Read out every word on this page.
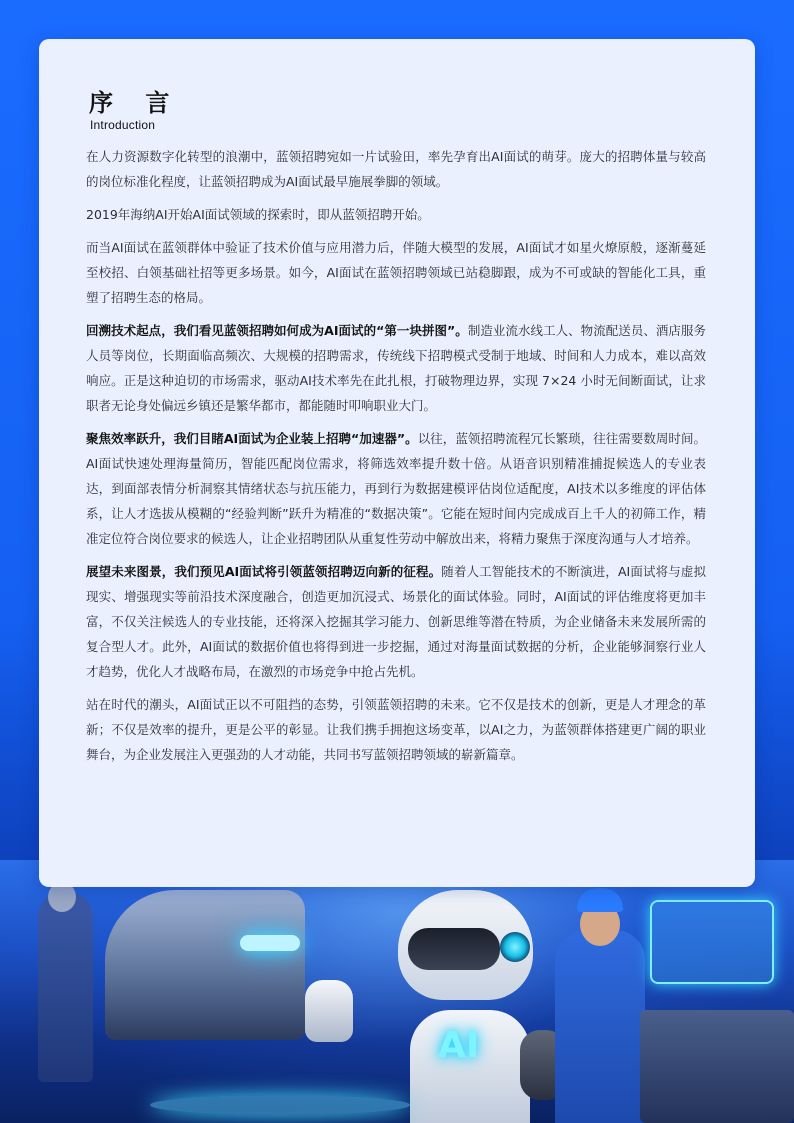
AI
序 言
Introduction

在人力资源数字化转型的浪潮中，蓝领招聘宛如一片试验田，率先孕育出AI面试的萌芽。庞大的招聘体量与较高的岗位标准化程度，让蓝领招聘成为AI面试最早施展拳脚的领域。

2019年海纳AI开始AI面试领域的探索时，即从蓝领招聘开始。

而当AI面试在蓝领群体中验证了技术价值与应用潜力后，伴随大模型的发展，AI面试才如星火燎原般，逐渐蔓延至校招、白领基础社招等更多场景。如今，AI面试在蓝领招聘领域已站稳脚跟，成为不可或缺的智能化工具，重塑了招聘生态的格局。

回溯技术起点，我们看见蓝领招聘如何成为AI面试的“第一块拼图”。制造业流水线工人、物流配送员、酒店服务人员等岗位，长期面临高频次、大规模的招聘需求，传统线下招聘模式受制于地域、时间和人力成本，难以高效响应。正是这种迫切的市场需求，驱动AI技术率先在此扎根，打破物理边界，实现 7×24 小时无间断面试，让求职者无论身处偏远乡镇还是繁华都市，都能随时叩响职业大门。

聚焦效率跃升，我们目睹AI面试为企业装上招聘“加速器”。以往，蓝领招聘流程冗长繁琐，往往需要数周时间。AI面试快速处理海量简历，智能匹配岗位需求，将筛选效率提升数十倍。从语音识别精准捕捉候选人的专业表达，到面部表情分析洞察其情绪状态与抗压能力，再到行为数据建模评估岗位适配度，AI技术以多维度的评估体系，让人才选拔从模糊的“经验判断”跃升为精准的“数据决策”。它能在短时间内完成成百上千人的初筛工作，精准定位符合岗位要求的候选人，让企业招聘团队从重复性劳动中解放出来，将精力聚焦于深度沟通与人才培养。

展望未来图景，我们预见AI面试将引领蓝领招聘迈向新的征程。随着人工智能技术的不断演进，AI面试将与虚拟现实、增强现实等前沿技术深度融合，创造更加沉浸式、场景化的面试体验。同时，AI面试的评估维度将更加丰富，不仅关注候选人的专业技能，还将深入挖掘其学习能力、创新思维等潜在特质，为企业储备未来发展所需的复合型人才。此外，AI面试的数据价值也将得到进一步挖掘，通过对海量面试数据的分析，企业能够洞察行业人才趋势，优化人才战略布局，在激烈的市场竞争中抢占先机。

站在时代的潮头，AI面试正以不可阻挡的态势，引领蓝领招聘的未来。它不仅是技术的创新，更是人才理念的革新；不仅是效率的提升，更是公平的彰显。让我们携手拥抱这场变革，以AI之力，为蓝领群体搭建更广阔的职业舞台，为企业发展注入更强劲的人才动能，共同书写蓝领招聘领域的崭新篇章。
